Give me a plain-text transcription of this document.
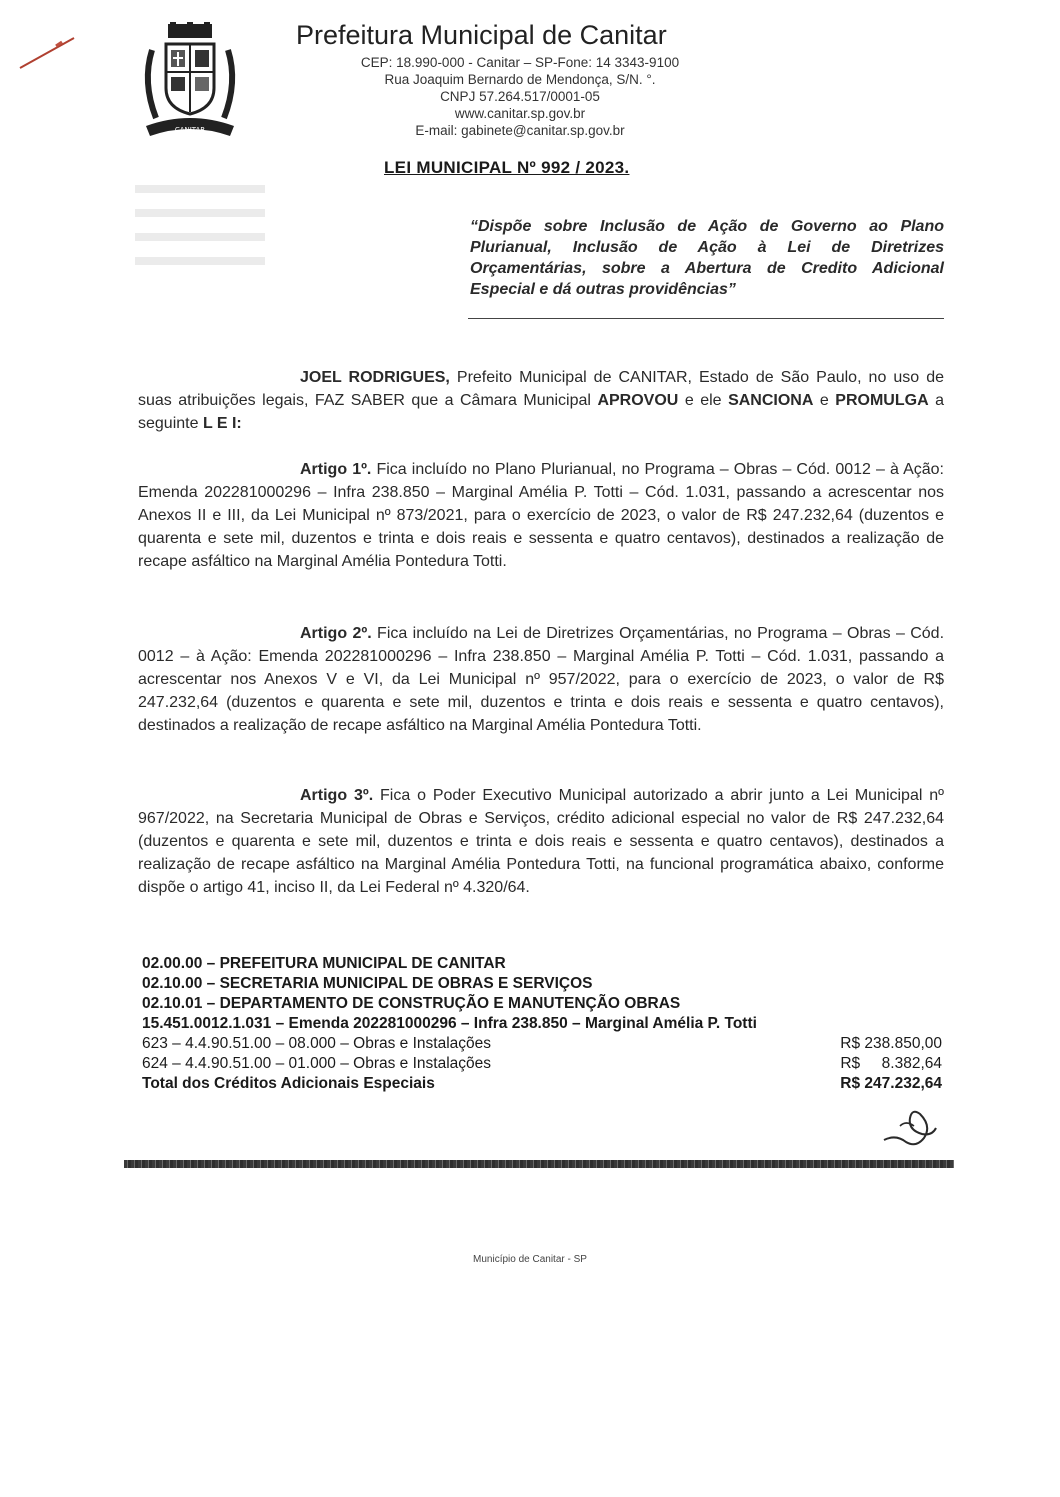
CANITAR
Prefeitura Municipal de Canitar
CEP: 18.990-000 - Canitar – SP-Fone: 14 3343-9100
Rua Joaquim Bernardo de Mendonça, S/N. °.
CNPJ 57.264.517/0001-05
www.canitar.sp.gov.br
E-mail: gabinete@canitar.sp.gov.br
LEI MUNICIPAL Nº 992 / 2023.
“Dispõe sobre Inclusão de Ação de Governo ao Plano Plurianual, Inclusão de Ação à Lei de Diretrizes Orçamentárias, sobre a Abertura de Credito Adicional Especial e dá outras providências”
JOEL RODRIGUES, Prefeito Municipal de CANITAR, Estado de São Paulo, no uso de suas atribuições legais, FAZ SABER que a Câmara Municipal APROVOU e ele SANCIONA e PROMULGA a seguinte L E I:
Artigo 1º. Fica incluído no Plano Plurianual, no Programa – Obras – Cód. 0012 – à Ação: Emenda 202281000296 – Infra 238.850 – Marginal Amélia P. Totti – Cód. 1.031, passando a acrescentar nos Anexos II e III, da Lei Municipal nº 873/2021, para o exercício de 2023, o valor de R$ 247.232,64 (duzentos e quarenta e sete mil, duzentos e trinta e dois reais e sessenta e quatro centavos), destinados a realização de recape asfáltico na Marginal Amélia Pontedura Totti.
Artigo 2º. Fica incluído na Lei de Diretrizes Orçamentárias, no Programa – Obras – Cód. 0012 – à Ação: Emenda 202281000296 – Infra 238.850 – Marginal Amélia P. Totti – Cód. 1.031, passando a acrescentar nos Anexos V e VI, da Lei Municipal nº 957/2022, para o exercício de 2023, o valor de R$ 247.232,64 (duzentos e quarenta e sete mil, duzentos e trinta e dois reais e sessenta e quatro centavos), destinados a realização de recape asfáltico na Marginal Amélia Pontedura Totti.
Artigo 3º. Fica o Poder Executivo Municipal autorizado a abrir junto a Lei Municipal nº 967/2022, na Secretaria Municipal de Obras e Serviços, crédito adicional especial no valor de R$ 247.232,64 (duzentos e quarenta e sete mil, duzentos e trinta e dois reais e sessenta e quatro centavos), destinados a realização de recape asfáltico na Marginal Amélia Pontedura Totti, na funcional programática abaixo, conforme dispõe o artigo 41, inciso II, da Lei Federal nº 4.320/64.
02.00.00 – PREFEITURA MUNICIPAL DE CANITAR
02.10.00 – SECRETARIA MUNICIPAL DE OBRAS E SERVIÇOS
02.10.01 – DEPARTAMENTO DE CONSTRUÇÃO E MANUTENÇÃO OBRAS
15.451.0012.1.031 – Emenda 202281000296 – Infra 238.850 – Marginal Amélia P. Totti
623 – 4.4.90.51.00 – 08.000 – Obras e Instalações	R$ 238.850,00
624 – 4.4.90.51.00 – 01.000 – Obras e Instalações	R$     8.382,64
Total dos Créditos Adicionais Especiais	R$ 247.232,64
Município de Canitar - SP
